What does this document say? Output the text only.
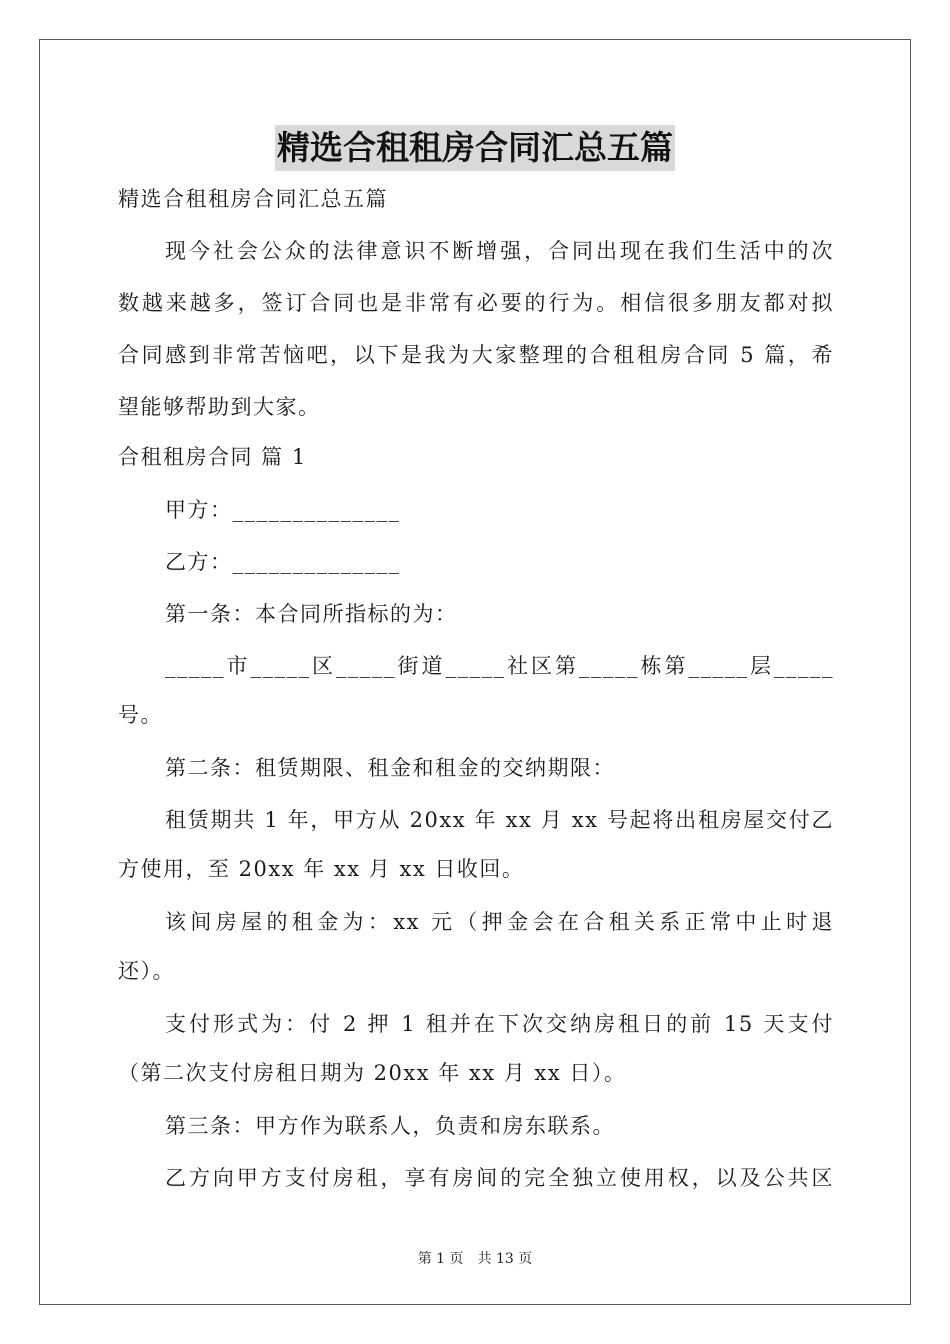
精选合租租房合同汇总五篇
精选合租租房合同汇总五篇
现今社会公众的法律意识不断增强，合同出现在我们生活中的次
数越来越多，签订合同也是非常有必要的行为。相信很多朋友都对拟
合同感到非常苦恼吧，以下是我为大家整理的合租租房合同 5 篇，希
望能够帮助到大家。
合租租房合同 篇 1
甲方：______________
乙方：______________
第一条：本合同所指标的为：
_____市_____区_____街道_____社区第_____栋第_____层_____
号。
第二条：租赁期限、租金和租金的交纳期限：
租赁期共 1 年，甲方从 20xx 年 xx 月 xx 号起将出租房屋交付乙
方使用，至 20xx 年 xx 月 xx 日收回。
该间房屋的租金为：xx 元（押金会在合租关系正常中止时退
还）。
支付形式为：付 2 押 1 租并在下次交纳房租日的前 15 天支付
（第二次支付房租日期为 20xx 年 xx 月 xx 日）。
第三条：甲方作为联系人，负责和房东联系。
乙方向甲方支付房租，享有房间的完全独立使用权，以及公共区
第 1 页 共 13 页
